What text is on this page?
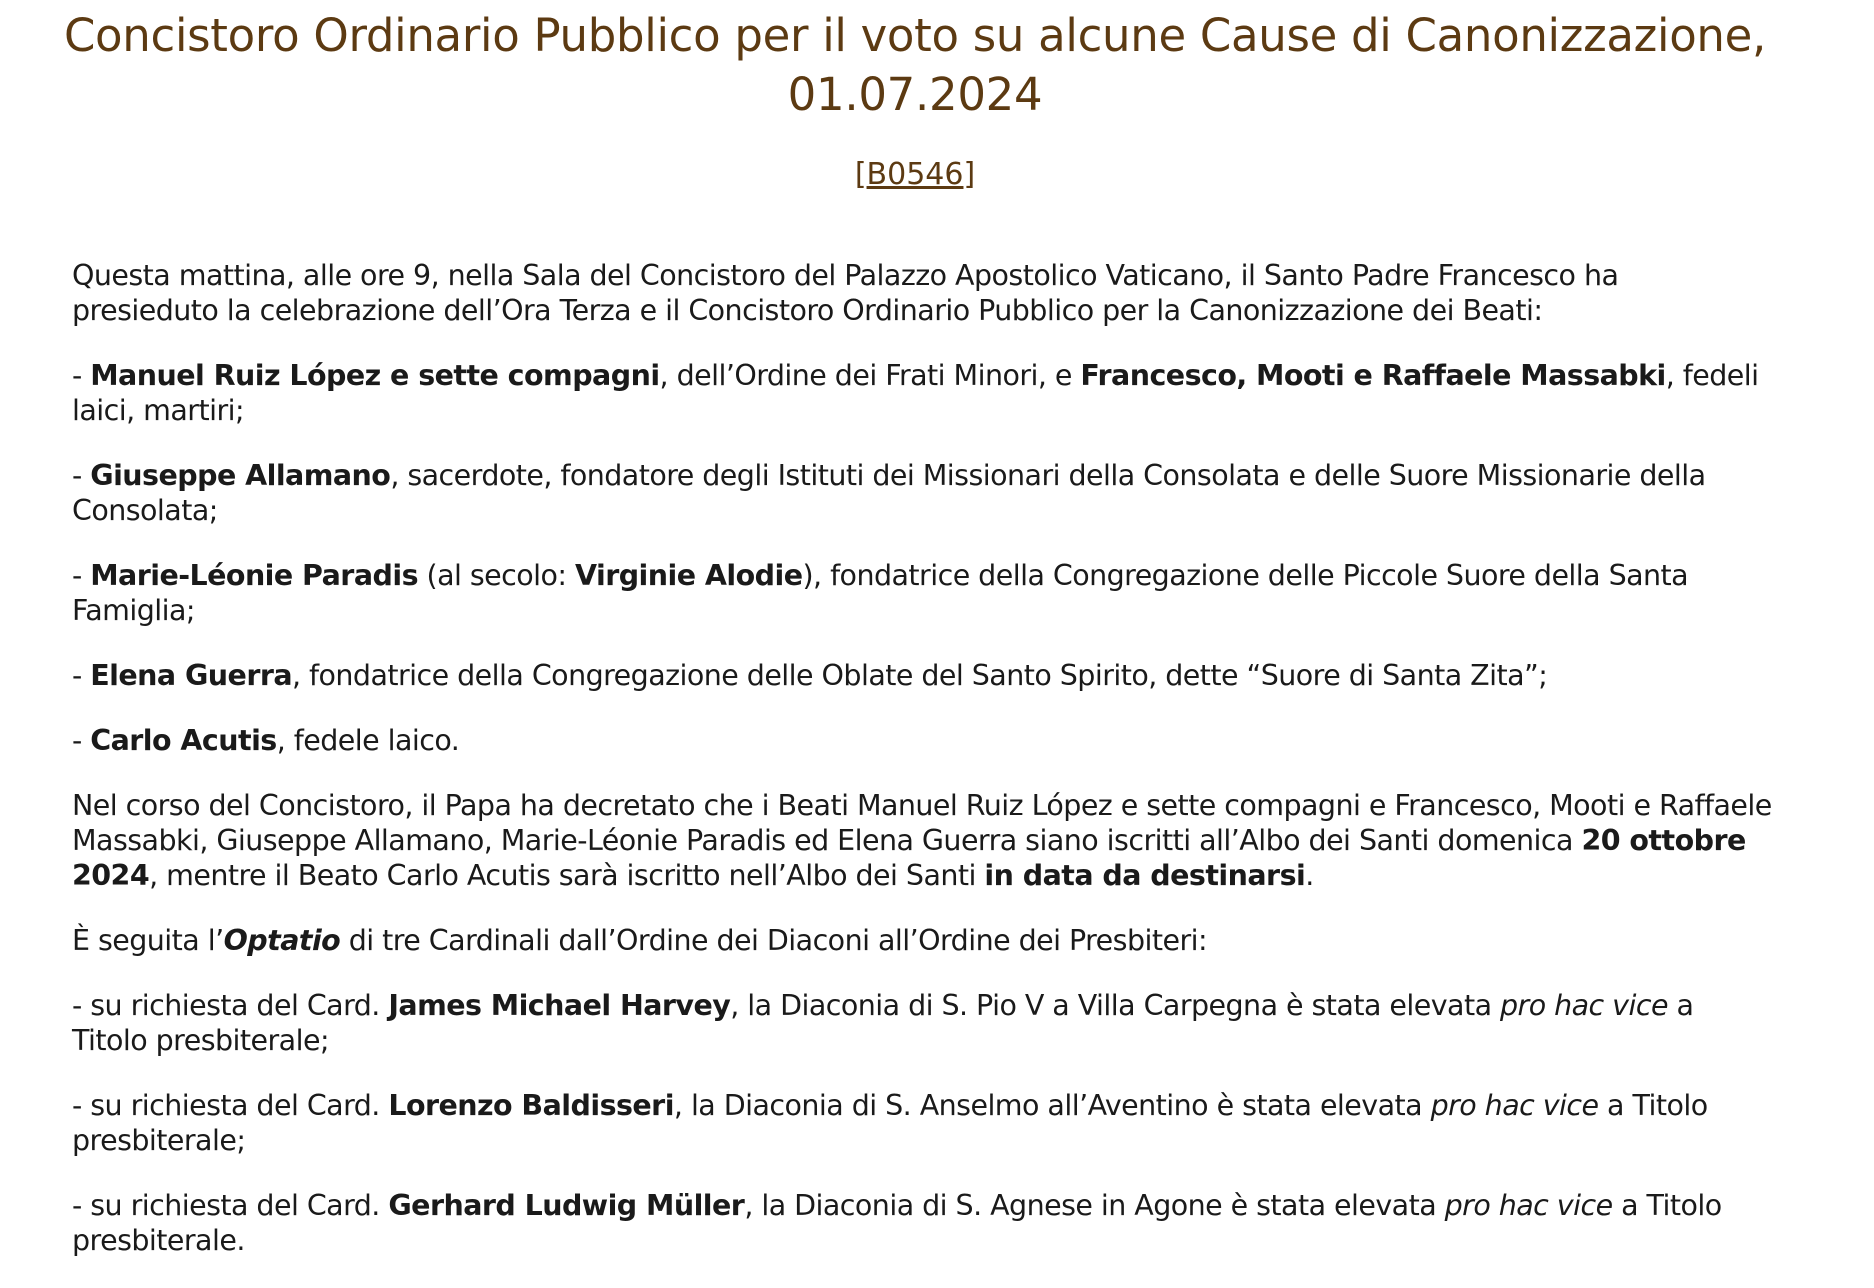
Concistoro Ordinario Pubblico per il voto su alcune Cause di Canonizzazione,
01.07.2024
[B0546]

Questa mattina, alle ore 9, nella Sala del Concistoro del Palazzo Apostolico Vaticano, il Santo Padre Francesco ha presieduto la celebrazione dell’Ora Terza e il Concistoro Ordinario Pubblico per la Canonizzazione dei Beati:

- Manuel Ruiz López e sette compagni, dell’Ordine dei Frati Minori, e Francesco, Mooti e Raffaele Massabki, fedeli laici, martiri;

- Giuseppe Allamano, sacerdote, fondatore degli Istituti dei Missionari della Consolata e delle Suore Missionarie della Consolata;

- Marie-Léonie Paradis (al secolo: Virginie Alodie), fondatrice della Congregazione delle Piccole Suore della Santa Famiglia;

- Elena Guerra, fondatrice della Congregazione delle Oblate del Santo Spirito, dette “Suore di Santa Zita”;

- Carlo Acutis, fedele laico.

Nel corso del Concistoro, il Papa ha decretato che i Beati Manuel Ruiz López e sette compagni e Francesco, Mooti e Raffaele Massabki, Giuseppe Allamano, Marie-Léonie Paradis ed Elena Guerra siano iscritti all’Albo dei Santi domenica 20 ottobre 2024, mentre il Beato Carlo Acutis sarà iscritto nell’Albo dei Santi in data da destinarsi.

È seguita l’Optatio di tre Cardinali dall’Ordine dei Diaconi all’Ordine dei Presbiteri:

- su richiesta del Card. James Michael Harvey, la Diaconia di S. Pio V a Villa Carpegna è stata elevata pro hac vice a Titolo presbiterale;

- su richiesta del Card. Lorenzo Baldisseri, la Diaconia di S. Anselmo all’Aventino è stata elevata pro hac vice a Titolo presbiterale;

- su richiesta del Card. Gerhard Ludwig Müller, la Diaconia di S. Agnese in Agone è stata elevata pro hac vice a Titolo presbiterale.
